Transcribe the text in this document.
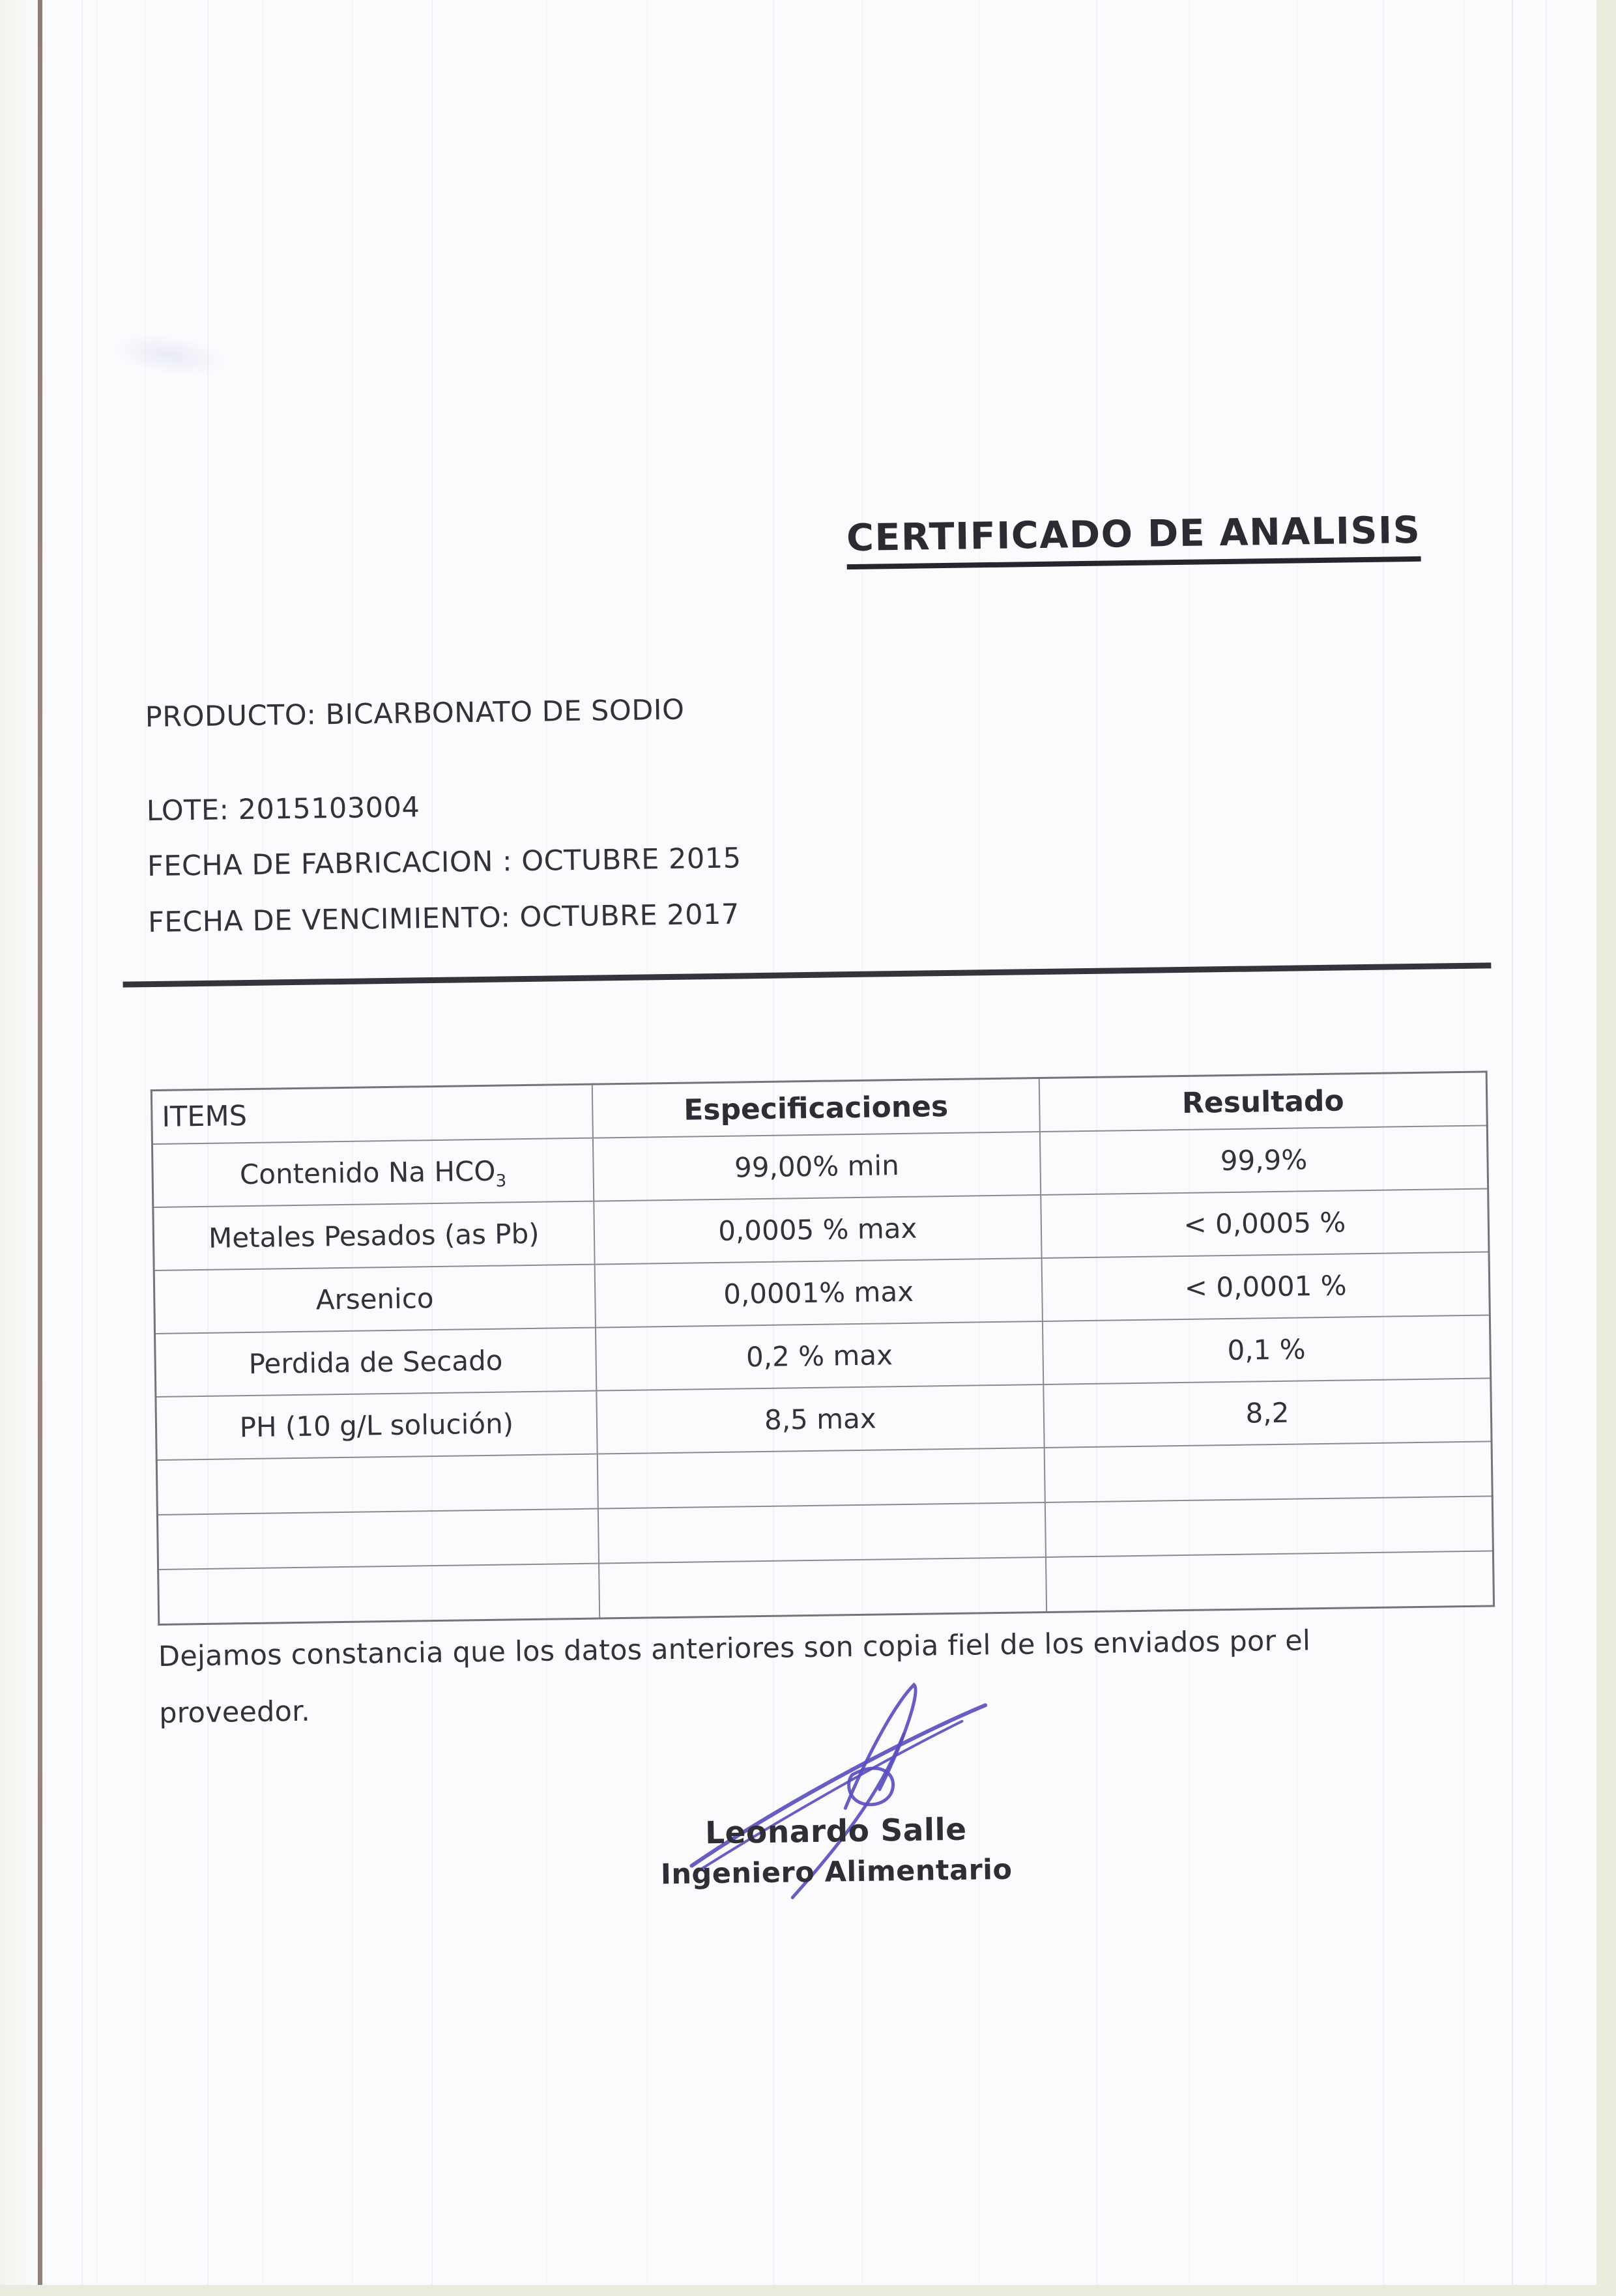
CERTIFICADO DE ANALISIS
PRODUCTO: BICARBONATO DE SODIO
LOTE: 2015103004
FECHA DE FABRICACION : OCTUBRE 2015
FECHA DE VENCIMIENTO: OCTUBRE 2017
ITEMS	Especificaciones	Resultado
Contenido Na $HCO_3$	99,00% min	99,9%
Metales Pesados (as Pb)	0,0005 % max	< 0,0005 %
Arsenico	0,0001% max	< 0,0001 %
Perdida de Secado	0,2 % max	0,1 %
PH (10 g/L solución)	8,5 max	8,2

Dejamos constancia que los datos anteriores son copia fiel de los enviados por el proveedor.

Leonardo Salle
Ingeniero Alimentario
